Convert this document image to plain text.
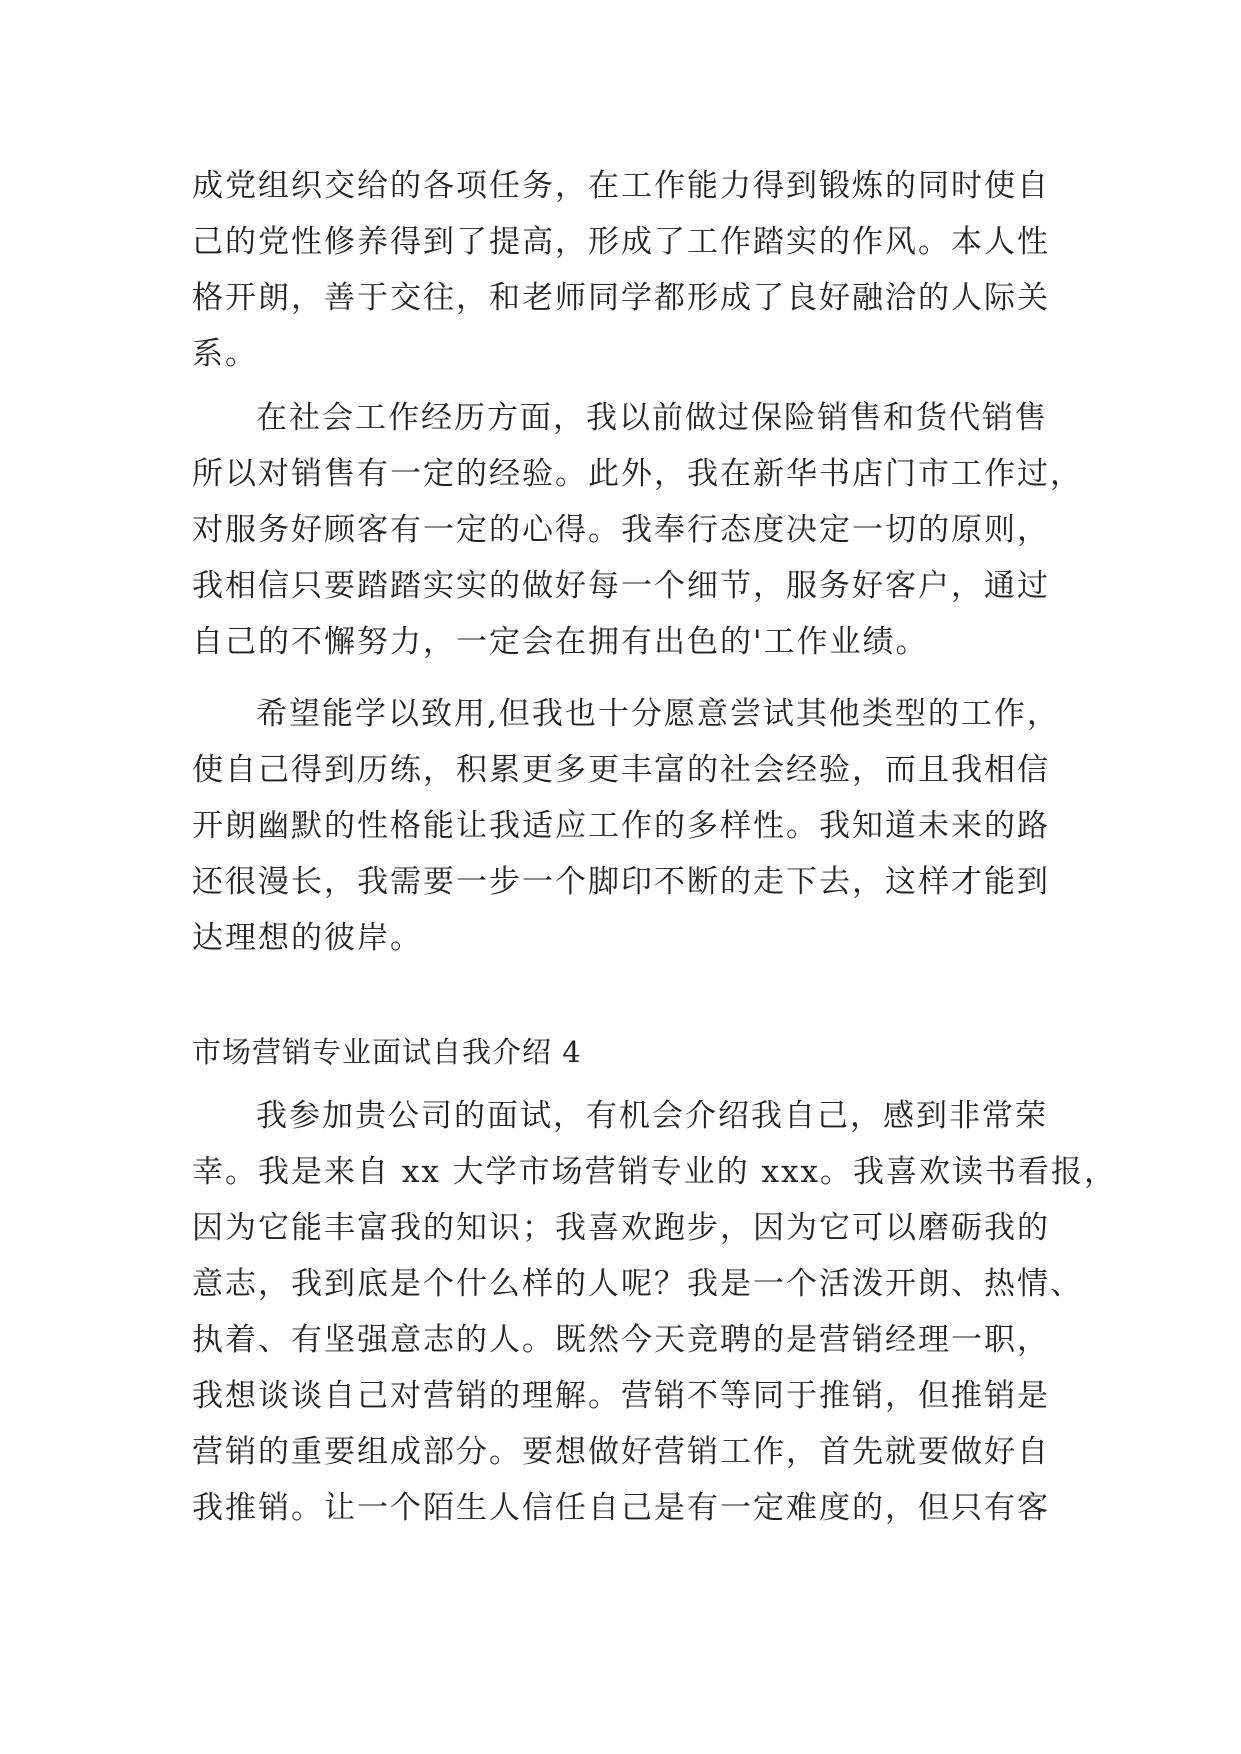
成党组织交给的各项任务，在工作能力得到锻炼的同时使自
己的党性修养得到了提高，形成了工作踏实的作风。本人性
格开朗，善于交往，和老师同学都形成了良好融洽的人际关
系。
在社会工作经历方面，我以前做过保险销售和货代销售
所以对销售有一定的经验。此外，我在新华书店门市工作过，
对服务好顾客有一定的心得。我奉行态度决定一切的原则，
我相信只要踏踏实实的做好每一个细节，服务好客户，通过
自己的不懈努力，一定会在拥有出色的'工作业绩。
希望能学以致用,但我也十分愿意尝试其他类型的工作，
使自己得到历练，积累更多更丰富的社会经验，而且我相信
开朗幽默的性格能让我适应工作的多样性。我知道未来的路
还很漫长，我需要一步一个脚印不断的走下去，这样才能到
达理想的彼岸。
市场营销专业面试自我介绍 4
我参加贵公司的面试，有机会介绍我自己，感到非常荣
幸。我是来自 xx 大学市场营销专业的 xxx。我喜欢读书看报，
因为它能丰富我的知识；我喜欢跑步，因为它可以磨砺我的
意志，我到底是个什么样的人呢？我是一个活泼开朗、热情、
执着、有坚强意志的人。既然今天竞聘的是营销经理一职，
我想谈谈自己对营销的理解。营销不等同于推销，但推销是
营销的重要组成部分。要想做好营销工作，首先就要做好自
我推销。让一个陌生人信任自己是有一定难度的，但只有客
